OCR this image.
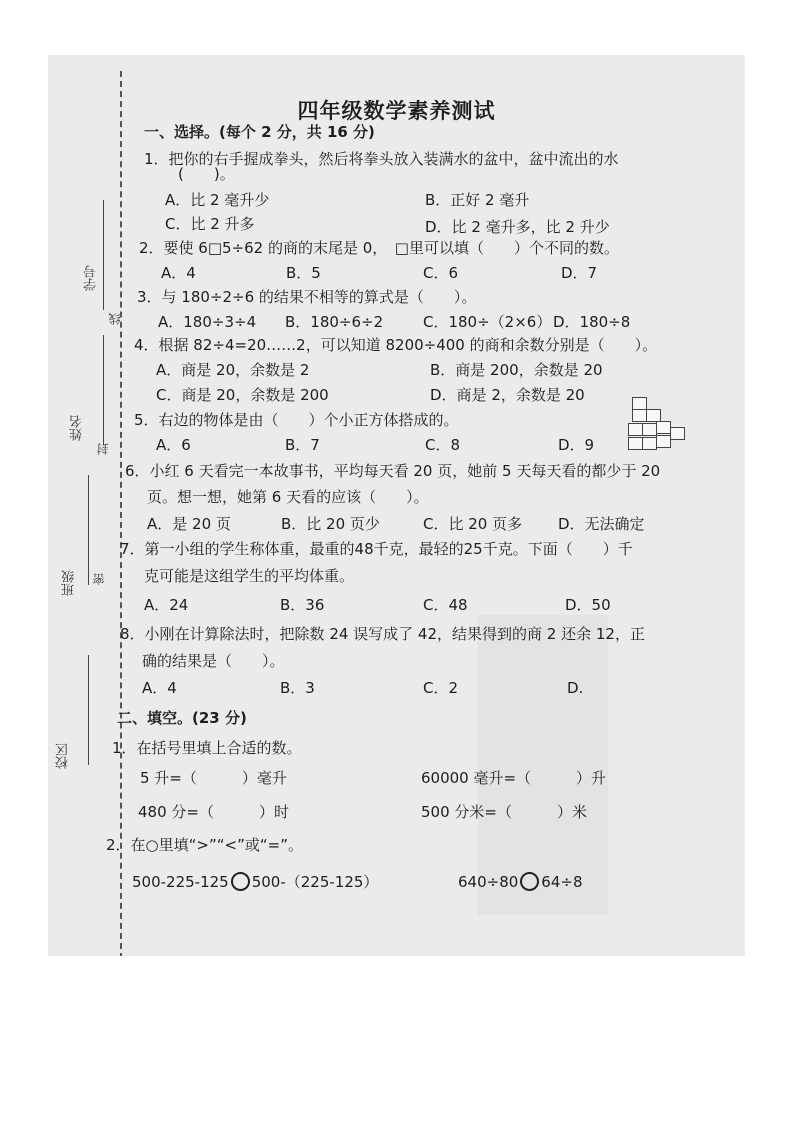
学号
姓名
班级
校区
线
封
密
四年级数学素养测试
一、选择。(每个 2 分，共 16 分)
1．把你的右手握成拳头，然后将拳头放入装满水的盆中，盆中流出的水
(　　)。
A．比 2 毫升少	B．正好 2 毫升
C．比 2 升多	D．比 2 毫升多，比 2 升少
2．要使 6□5÷62 的商的末尾是 0，　□里可以填（　　）个不同的数。
A．4	B．5	C．6	D．7
3．与 180÷2÷6 的结果不相等的算式是（　　）。
A．180÷3÷4 B．180÷6÷2	C．180÷（2×6） D．180÷8
4．根据 82÷4=20……2，可以知道 8200÷400 的商和余数分别是（　　）。
A．商是 20，余数是 2	B．商是 200，余数是 20
C．商是 20，余数是 200	D．商是 2，余数是 20
5．右边的物体是由（　　）个小正方体搭成的。
A．6	B．7	C．8	D．9
6．小红 6 天看完一本故事书，平均每天看 20 页，她前 5 天每天看的都少于 20
页。想一想，她第 6 天看的应该（　　）。
A．是 20 页	B．比 20 页少	C．比 20 页多 D．无法确定
7．第一小组的学生称体重，最重的48千克，最轻的25千克。下面（　　）千
克可能是这组学生的平均体重。
A．24	B．36	C．48	D．50
8．小刚在计算除法时，把除数 24 误写成了 42，结果得到的商 2 还余 12，正
确的结果是（　　）。
A．4	B．3	C．2	D.
二、填空。(23 分)
1．在括号里填上合适的数。
5 升=（　　　）毫升	60000 毫升=（　　　）升
480 分=（　　　）时	500 分米=（　　　）米
2．在○里填“>”“<”或“=”。
500-225-125 500-（225-125）	640÷80 64÷8
